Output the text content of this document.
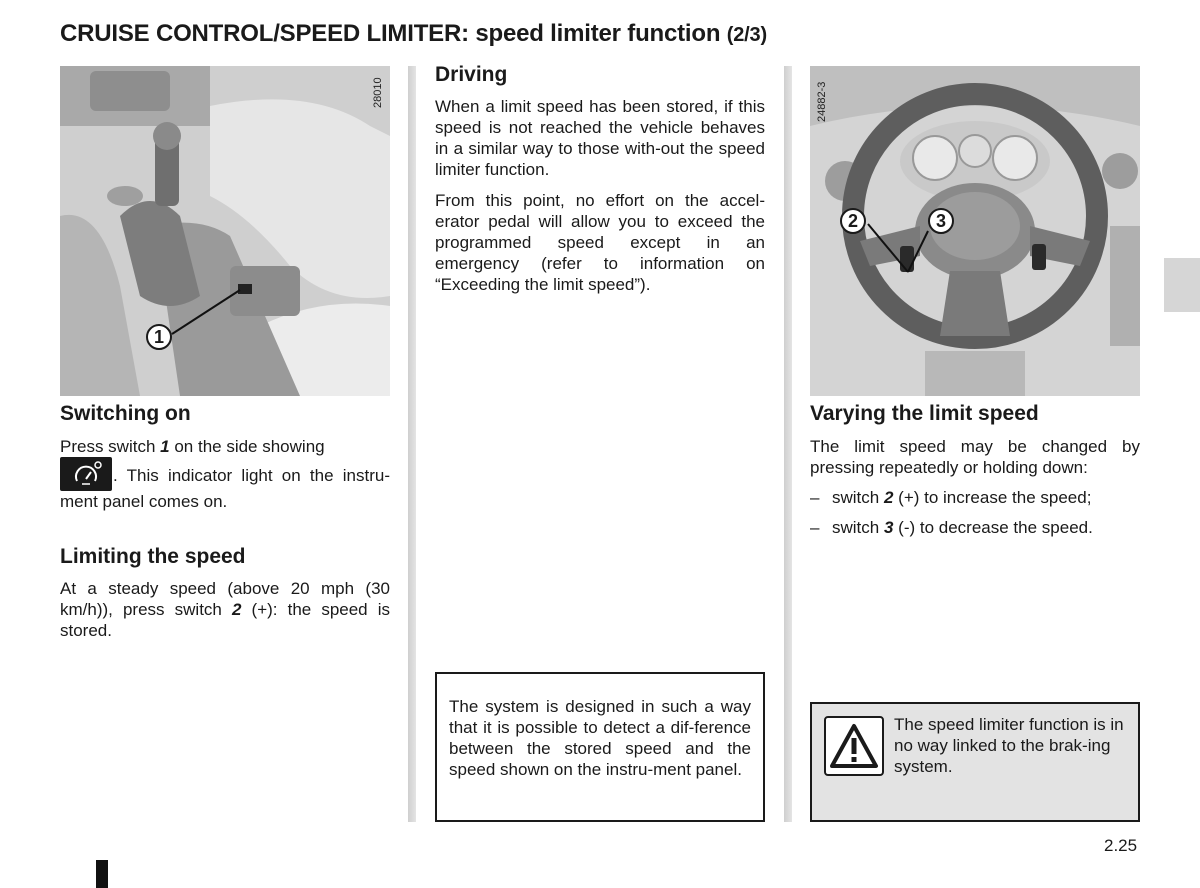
CRUISE CONTROL/SPEED LIMITER: speed limiter function (2/3)
1
28010
Switching on
Press switch 1 on the side showing
. This indicator light on the instru-ment panel comes on.
Limiting the speed
At a steady speed (above 20 mph (30 km/h)), press switch 2 (+): the speed is stored.
Driving
When a limit speed has been stored, if this speed is not reached the vehicle behaves in a similar way to those with-out the speed limiter function.
From this point, no effort on the accel-erator pedal will allow you to exceed the programmed speed except in an emergency (refer to information on “Exceeding the limit speed”).
The system is designed in such a way that it is possible to detect a dif-ference between the stored speed and the speed shown on the instru-ment panel.
2	3
24882-3
Varying the limit speed
The limit speed may be changed by pressing repeatedly or holding down:
– switch 2 (+) to increase the speed;
– switch 3 (-) to decrease the speed.
The speed limiter function is in no way linked to the brak-ing system.
2.25
